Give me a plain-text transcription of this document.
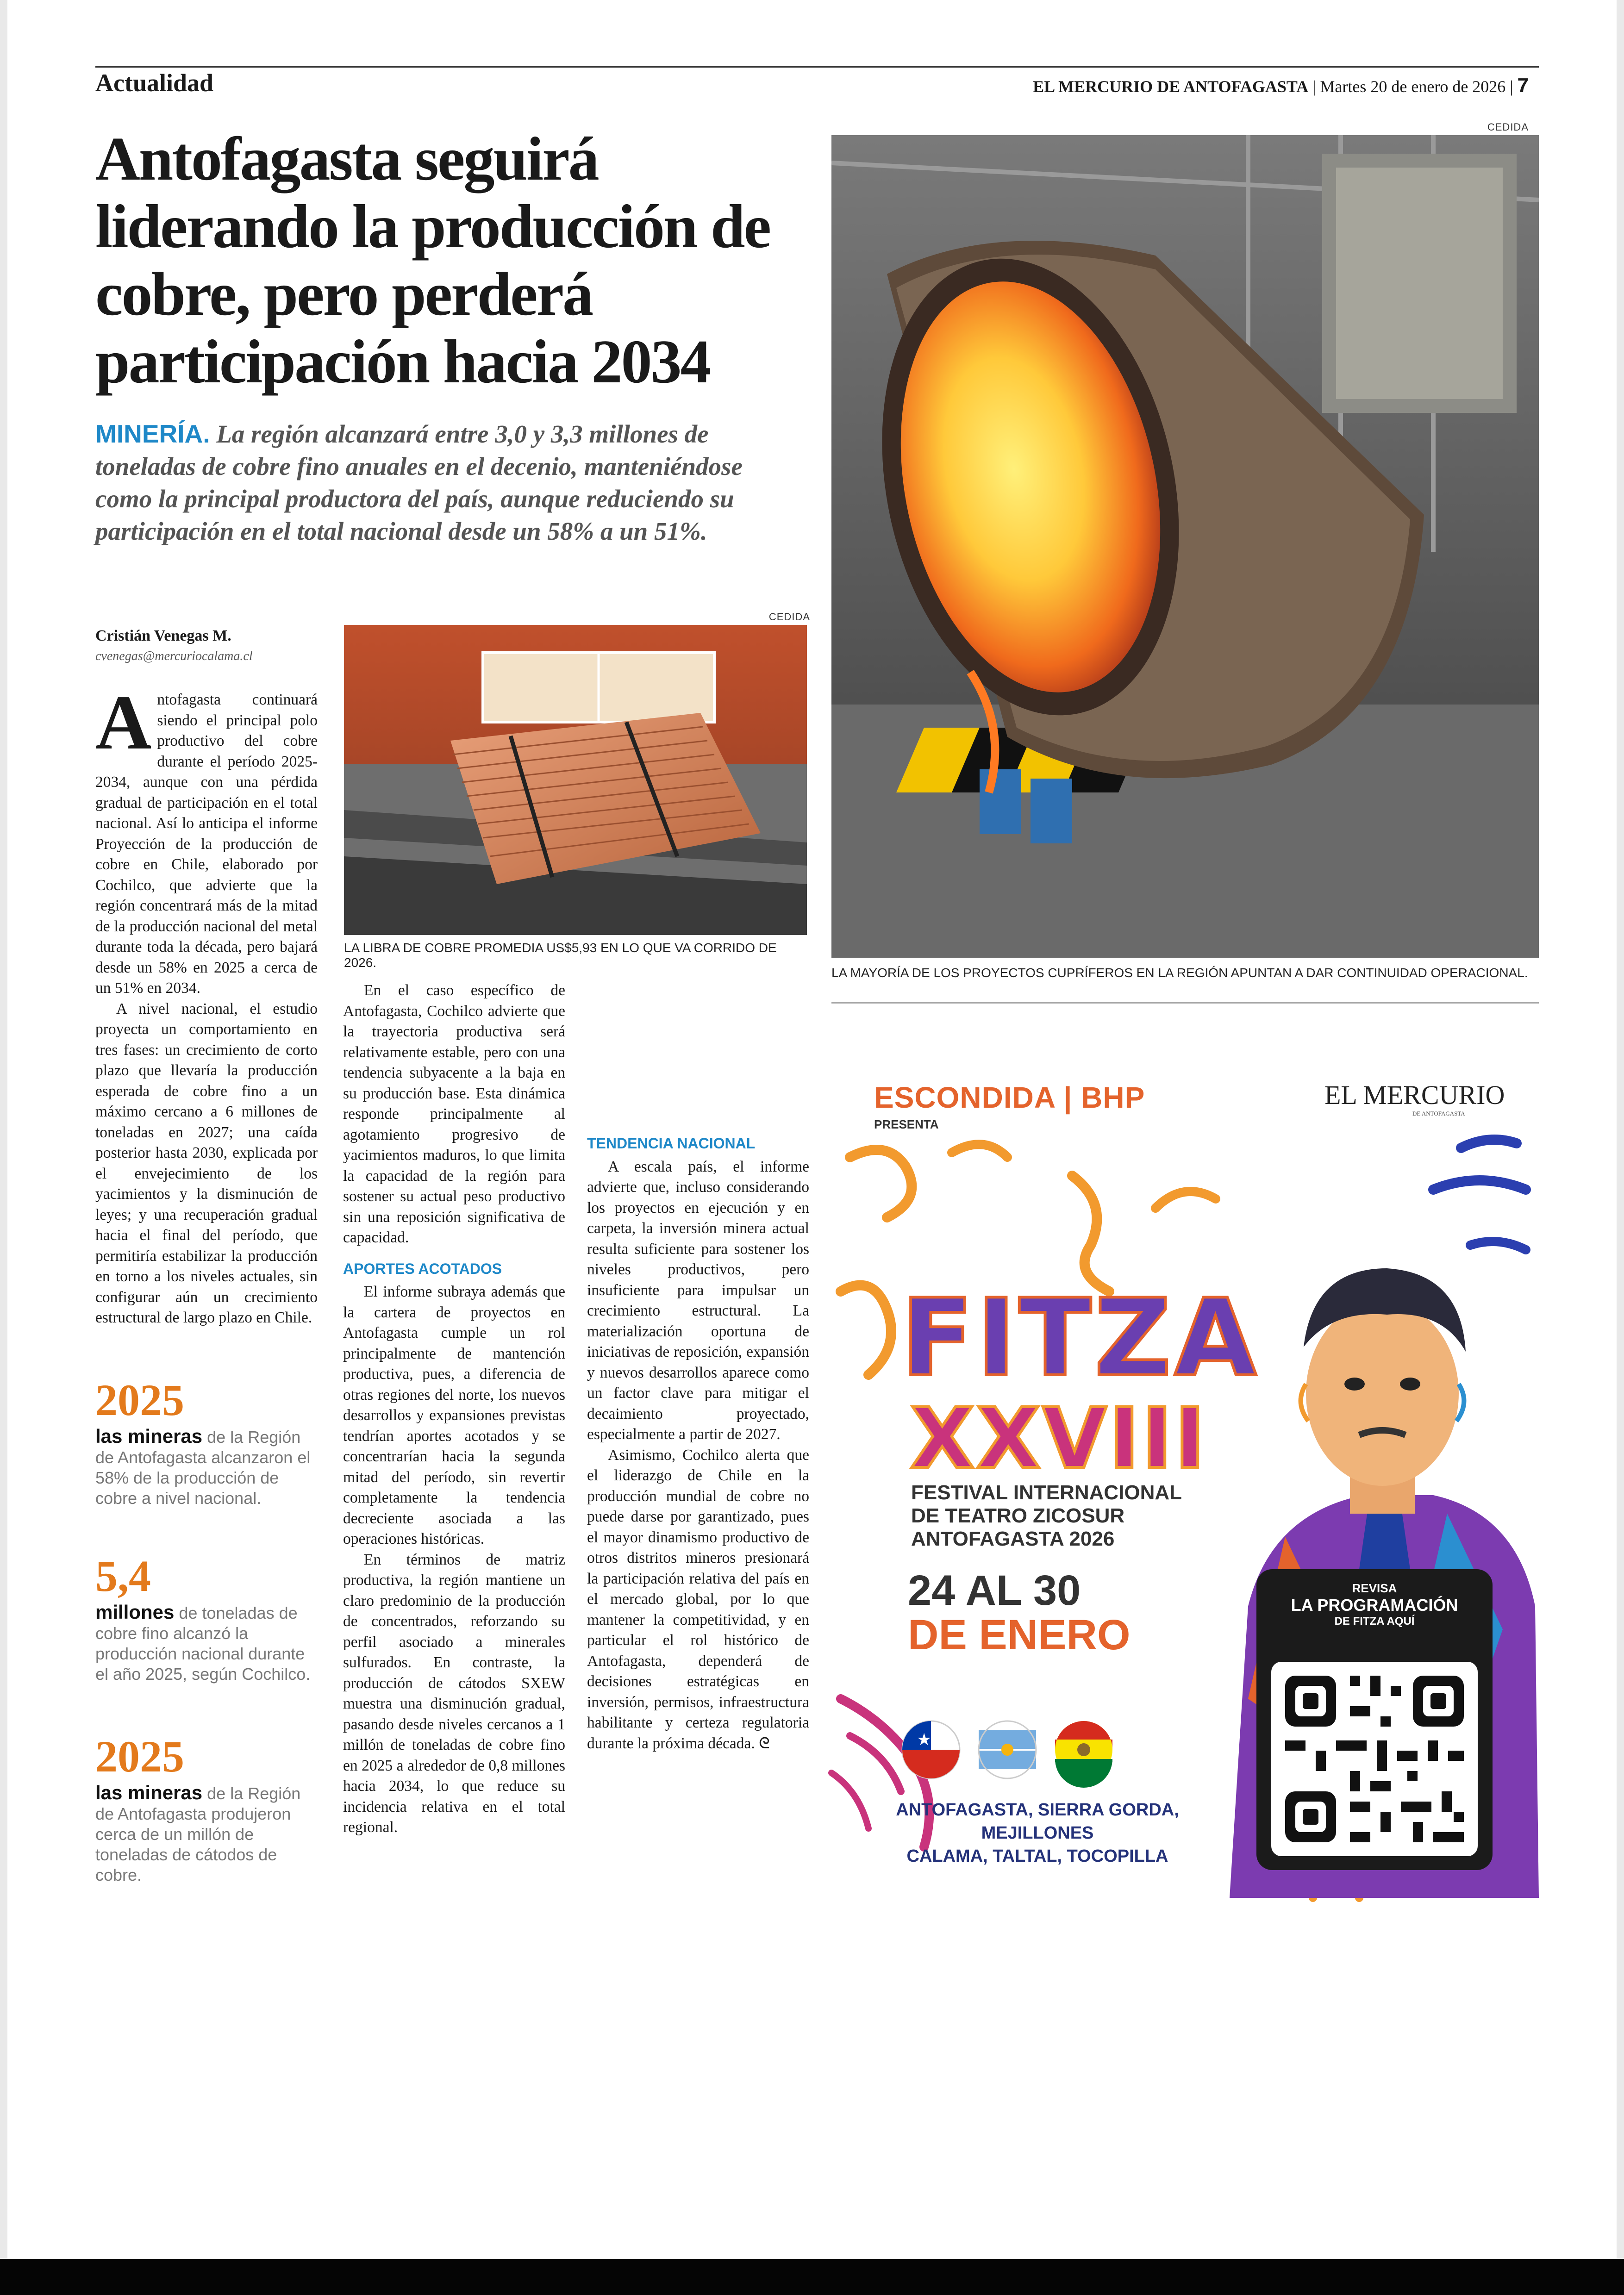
Actualidad	EL MERCURIO DE ANTOFAGASTA | Martes 20 de enero de 2026 | 7
Antofagasta seguirá liderando la producción de cobre, pero perderá participación hacia 2034
MINERÍA. La región alcanzará entre 3,0 y 3,3 millones de toneladas de cobre fino anuales en el decenio, manteniéndose como la principal productora del país, aunque reduciendo su participación en el total nacional desde un 58% a un 51%.
Cristián Venegas M.
cvenegas@mercuriocalama.cl
CEDIDA
LA LIBRA DE COBRE PROMEDIA US$5,93 EN LO QUE VA CORRIDO DE 2026.
CEDIDA
LA MAYORÍA DE LOS PROYECTOS CUPRÍFEROS EN LA REGIÓN APUNTAN A DAR CONTINUIDAD OPERACIONAL.

Antofagasta continuará siendo el principal polo productivo del cobre durante el período 2025-2034, aunque con una pérdida gradual de participación en el total nacional. Así lo anticipa el informe Proyección de la producción de cobre en Chile, elaborado por Cochilco, que advierte que la región concentrará más de la mitad de la producción nacional del metal durante toda la década, pero bajará desde un 58% en 2025 a cerca de un 51% en 2034.

A nivel nacional, el estudio proyecta un comportamiento en tres fases: un crecimiento de corto plazo que llevaría la producción esperada de cobre fino a un máximo cercano a 6 millones de toneladas en 2027; una caída posterior hasta 2030, explicada por el envejecimiento de los yacimientos y la disminución de leyes; y una recuperación gradual hacia el final del período, que permitiría estabilizar la producción en torno a los niveles actuales, sin configurar aún un crecimiento estructural de largo plazo en Chile.

2025
las mineras de la Región de Antofagasta alcanzaron el 58% de la producción de cobre a nivel nacional.
5,4
millones de toneladas de cobre fino alcanzó la producción nacional durante el año 2025, según Cochilco.
2025
las mineras de la Región de Antofagasta produjeron cerca de un millón de toneladas de cátodos de cobre.

En el caso específico de Antofagasta, Cochilco advierte que la trayectoria productiva será relativamente estable, pero con una tendencia subyacente a la baja en su producción base. Esta dinámica responde principalmente al agotamiento progresivo de yacimientos maduros, lo que limita la capacidad de la región para sostener su actual peso productivo sin una reposición significativa de capacidad.

APORTES ACOTADOS

El informe subraya además que la cartera de proyectos en Antofagasta cumple un rol principalmente de mantención productiva, pues, a diferencia de otras regiones del norte, los nuevos desarrollos y expansiones previstas tendrían aportes acotados y se concentrarían hacia la segunda mitad del período, sin revertir completamente la tendencia decreciente asociada a las operaciones históricas.

En términos de matriz productiva, la región mantiene un claro predominio de la producción de concentrados, reforzando su perfil asociado a minerales sulfurados. En contraste, la producción de cátodos SXEW muestra una disminución gradual, pasando desde niveles cercanos a 1 millón de toneladas de cobre fino en 2025 a alrededor de 0,8 millones hacia 2034, lo que reduce su incidencia relativa en el total regional.

TENDENCIA NACIONAL

A escala país, el informe advierte que, incluso considerando los proyectos en ejecución y en carpeta, la inversión minera actual resulta suficiente para sostener los niveles productivos, pero insuficiente para impulsar un crecimiento estructural. La materialización oportuna de iniciativas de reposición, expansión y nuevos desarrollos aparece como un factor clave para mitigar el decaimiento proyectado, especialmente a partir de 2027.

Asimismo, Cochilco alerta que el liderazgo de Chile en la producción mundial de cobre no puede darse por garantizado, pues el mayor dinamismo productivo de otros distritos mineros presionará la participación relativa del país en el mercado global, por lo que mantener la competitividad, y en particular el rol histórico de Antofagasta, dependerá de decisiones estratégicas en inversión, permisos, infraestructura habilitante y certeza regulatoria durante la próxima década. ᘓ

FITZA
XXVIII
★
ESCONDIDA | BHP
PRESENTA
EL MERCURIO
DE ANTOFAGASTA
FESTIVAL INTERNACIONAL
DE TEATRO ZICOSUR
ANTOFAGASTA 2026
24 AL 30
DE ENERO
ANTOFAGASTA, SIERRA GORDA, MEJILLONES
CALAMA, TALTAL, TOCOPILLA
REVISA
LA PROGRAMACIÓN
DE FITZA AQUÍ
